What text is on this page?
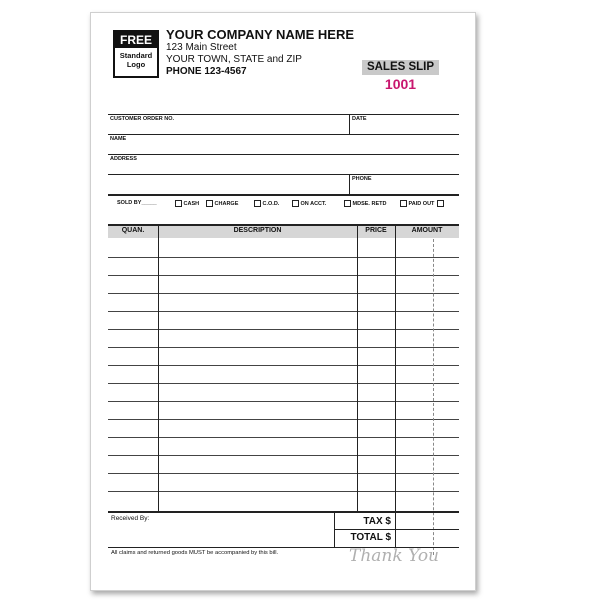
FREE
Standard
Logo
YOUR COMPANY NAME HERE
123 Main Street
YOUR TOWN, STATE and ZIP
PHONE 123-4567	SALES SLIP
1001
CUSTOMER ORDER NO.	DATE
NAME
ADDRESS
PHONE
SOLD BY_____
	CASH
	CHARGE
	C.O.D.
	ON ACCT.
	MDSE. RETD
	PAID OUT
QUAN.	DESCRIPTION	PRICE	AMOUNT
Received By:	TAX $
TOTAL $
All claims and returned goods MUST be accompanied by this bill.	Thank You
